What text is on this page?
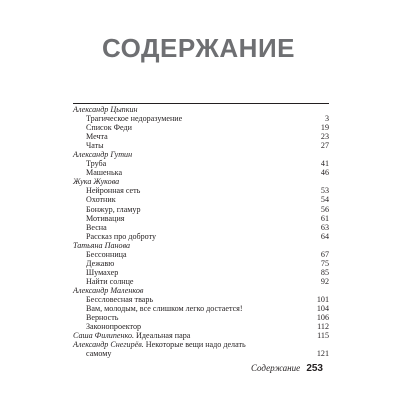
СОДЕРЖАНИЕ
Александр Цыпкин
Трагическое недоразумение	3
Список Феди	19
Мечта	23
Чаты	27
Александр Гутин
Труба	41
Машенька	46
Жука Жукова
Нейронная сеть	53
Охотник	54
Бонжур, гламур	56
Мотивация	61
Весна	63
Рассказ про доброту	64
Татьяна Панова
Бессонница	67
Дежавю	75
Шумахер	85
Найти солнце	92
Александр Маленков
Бессловесная тварь	101
Вам, молодым, все слишком легко достается!	104
Верность	106
Законопроектор	112
Саша Филипенко. Идеальная пара	115
Александр Снегирёв. Некоторые вещи надо делать
самому	121
Содержание 253
